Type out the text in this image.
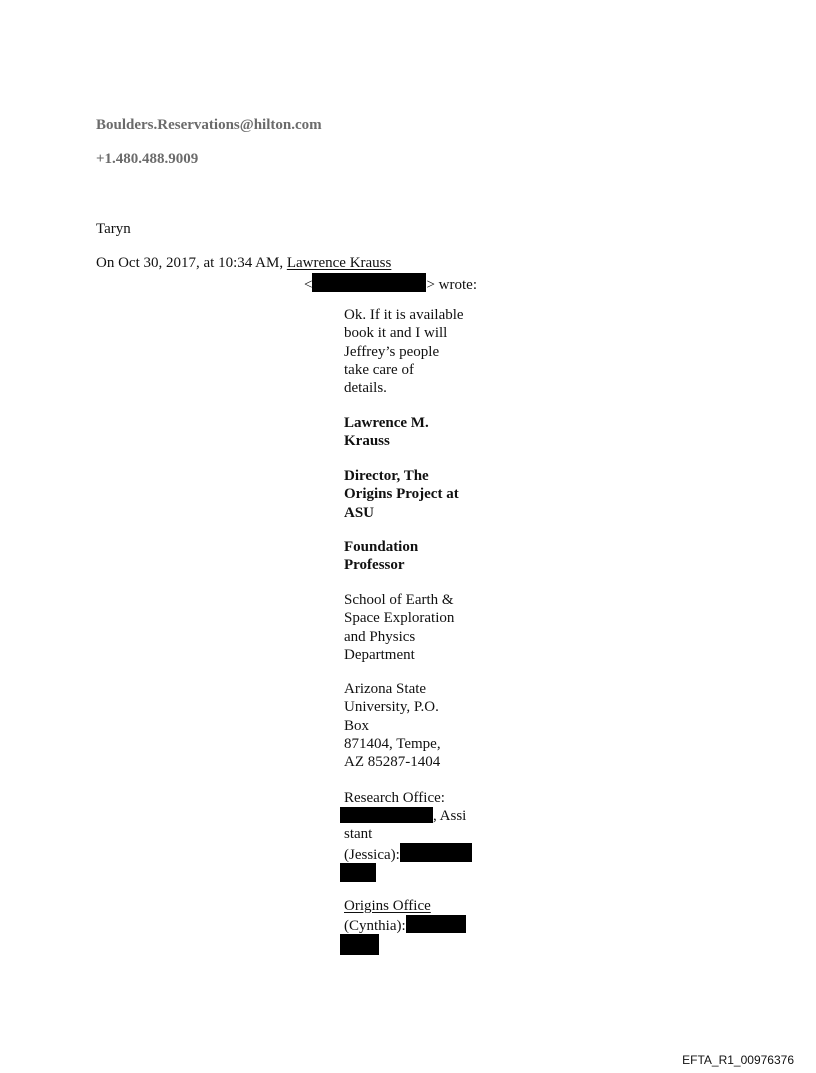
Boulders.Reservations@hilton.com

+1.480.488.9009

Taryn

On Oct 30, 2017, at 10:34 AM, Lawrence Krauss

<	> wrote:

Ok. If it is available
book it and I will
Jeffrey’s people
take care of
details.
Lawrence M.
Krauss
Director, The
Origins Project at
ASU
Foundation
Professor
School of Earth &
Space Exploration
and Physics
Department
Arizona State
University, P.O.
Box
871404, Tempe,
AZ 85287-1404
Research Office:
, Assi
stant
(Jessica):
Origins Office
(Cynthia):
EFTA_R1_00976376
